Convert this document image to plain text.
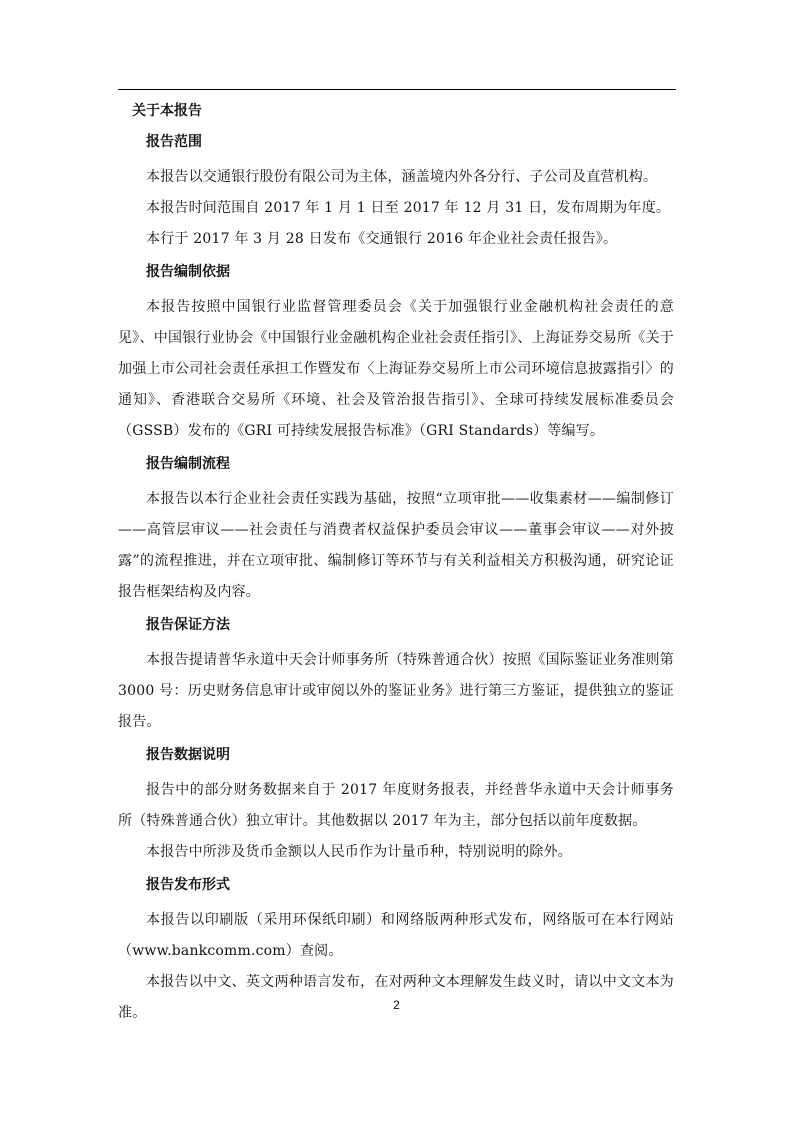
关于本报告
报告范围

本报告以交通银行股份有限公司为主体，涵盖境内外各分行、子公司及直营机构。

本报告时间范围自 2017 年 1 月 1 日至 2017 年 12 月 31 日，发布周期为年度。

本行于 2017 年 3 月 28 日发布《交通银行 2016 年企业社会责任报告》。

报告编制依据

本报告按照中国银行业监督管理委员会《关于加强银行业金融机构社会责任的意见》、中国银行业协会《中国银行业金融机构企业社会责任指引》、上海证券交易所《关于加强上市公司社会责任承担工作暨发布〈上海证券交易所上市公司环境信息披露指引〉的通知》、香港联合交易所《环境、社会及管治报告指引》、全球可持续发展标准委员会（GSSB）发布的《GRI 可持续发展报告标准》（GRI Standards）等编写。

报告编制流程

本报告以本行企业社会责任实践为基础，按照“立项审批——收集素材——编制修订——高管层审议——社会责任与消费者权益保护委员会审议——董事会审议——对外披露”的流程推进，并在立项审批、编制修订等环节与有关利益相关方积极沟通，研究论证报告框架结构及内容。

报告保证方法

本报告提请普华永道中天会计师事务所（特殊普通合伙）按照《国际鉴证业务准则第 3000 号：历史财务信息审计或审阅以外的鉴证业务》进行第三方鉴证，提供独立的鉴证报告。

报告数据说明

报告中的部分财务数据来自于 2017 年度财务报表，并经普华永道中天会计师事务所（特殊普通合伙）独立审计。其他数据以 2017 年为主，部分包括以前年度数据。

本报告中所涉及货币金额以人民币作为计量币种，特别说明的除外。

报告发布形式

本报告以印刷版（采用环保纸印刷）和网络版两种形式发布，网络版可在本行网站（www.bankcomm.com）查阅。

本报告以中文、英文两种语言发布，在对两种文本理解发生歧义时，请以中文文本为准。	2
